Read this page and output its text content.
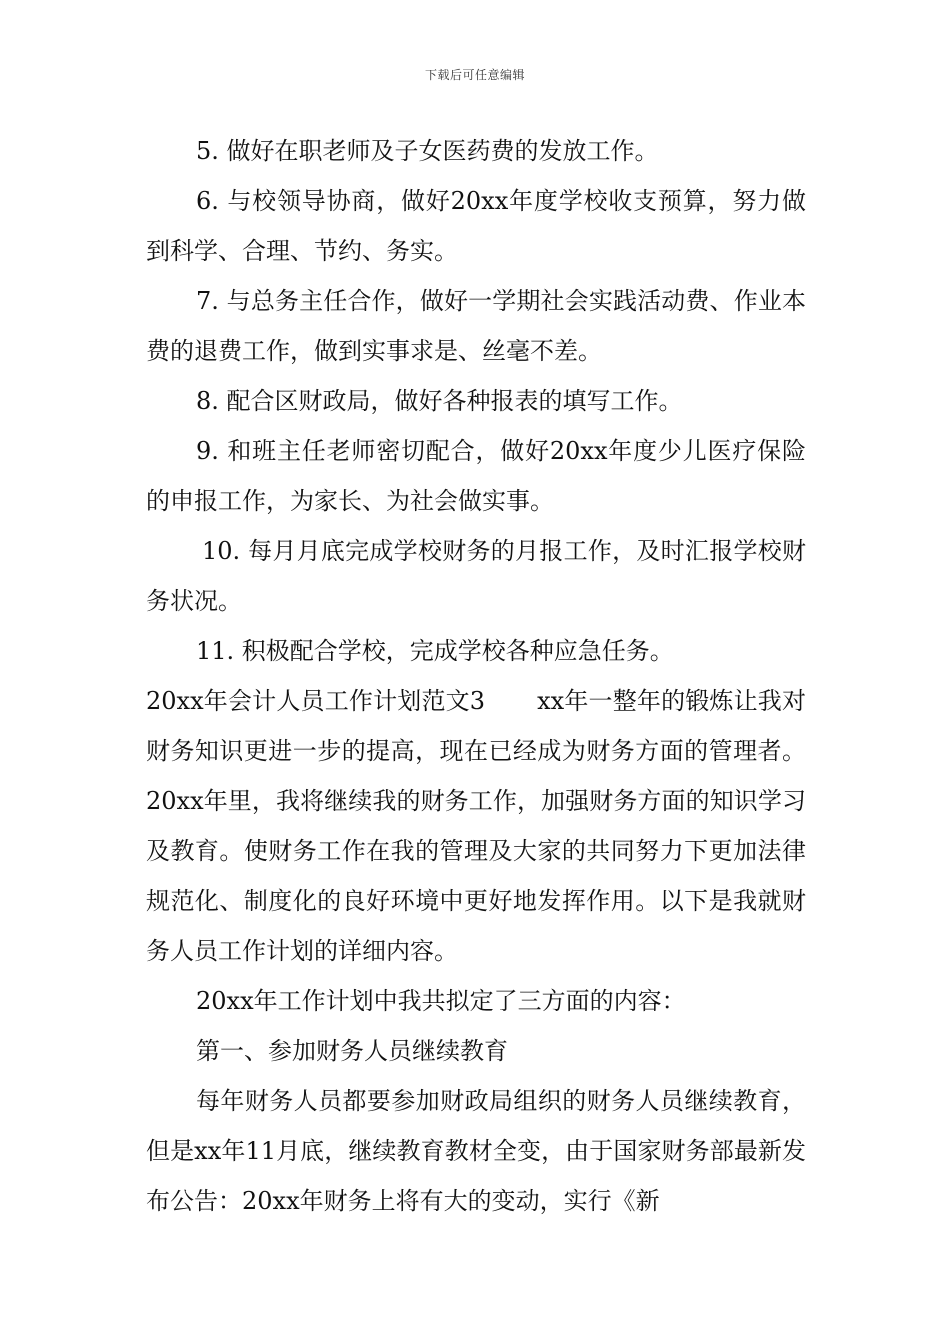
下载后可任意编辑

5. 做好在职老师及子女医药费的发放工作。

6. 与校领导协商，做好20xx年度学校收支预算，努力做到科学、合理、节约、务实。

7. 与总务主任合作，做好一学期社会实践活动费、作业本费的退费工作，做到实事求是、丝毫不差。

8. 配合区财政局，做好各种报表的填写工作。

9. 和班主任老师密切配合，做好20xx年度少儿医疗保险的申报工作，为家长、为社会做实事。

10. 每月月底完成学校财务的月报工作，及时汇报学校财务状况。

11. 积极配合学校，完成学校各种应急任务。

20xx年会计人员工作计划范文3 xx年一整年的锻炼让我对财务知识更进一步的提高，现在已经成为财务方面的管理者。20xx年里，我将继续我的财务工作，加强财务方面的知识学习及教育。使财务工作在我的管理及大家的共同努力下更加法律规范化、制度化的良好环境中更好地发挥作用。以下是我就财务人员工作计划的详细内容。

20xx年工作计划中我共拟定了三方面的内容：

第一、参加财务人员继续教育

每年财务人员都要参加财政局组织的财务人员继续教育，但是xx年11月底，继续教育教材全变，由于国家财务部最新发布公告：20xx年财务上将有大的变动，实行《新
